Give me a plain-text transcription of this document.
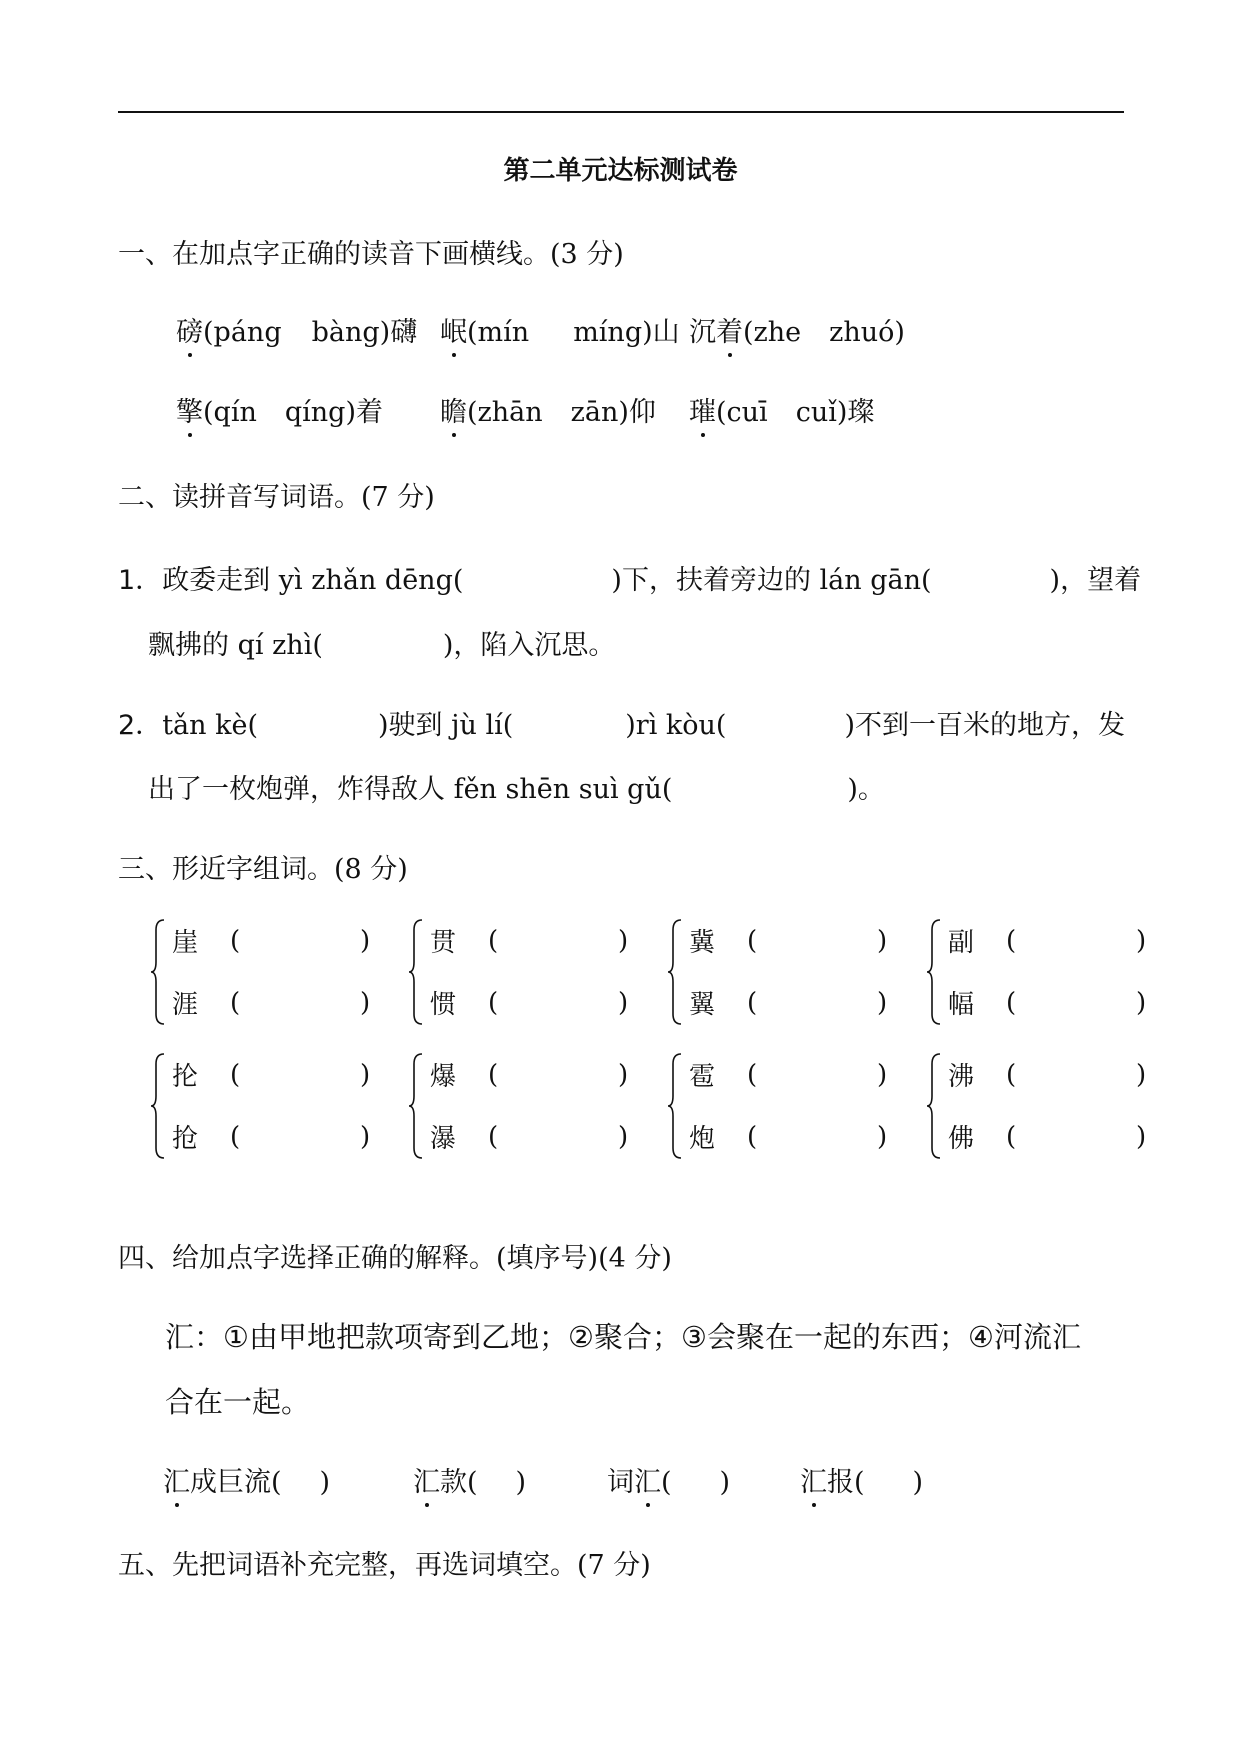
第二单元达标测试卷
一、在加点字正确的读音下画横线。(3 分)
磅(páng bàng)礴 岷(mín míng)山 沉着(zhe zhuó)
擎(qín qíng)着 瞻(zhān zān)仰 璀(cuī cuǐ)璨
二、读拼音写词语。(7 分)
1．政委走到 yì zhǎn dēng(	)下，扶着旁边的 lán gān(	)，望着
飘拂的 qí zhì(	)，陷入沉思。
2．tǎn kè(	)驶到 jù lí(	)rì kòu(	)不到一百米的地方，发
出了一枚炮弹，炸得敌人 fěn shēn suì gǔ(	)。
三、形近字组词。(8 分)
崖 (	)
涯 (	)
贯 (	)
惯 (	)
冀 (	)
翼 (	)
副 (	)
幅 (	)
抡 (	)
抢 (	)
爆 (	)
瀑 (	)
雹 (	)
炮 (	)
沸 (	)
佛 (	)
四、给加点字选择正确的解释。(填序号)(4 分)
汇：①由甲地把款项寄到乙地；②聚合；③会聚在一起的东西；④河流汇
合在一起。
汇成巨流( )	汇款( )	词汇( )	汇报( )
五、先把词语补充完整，再选词填空。(7 分)
